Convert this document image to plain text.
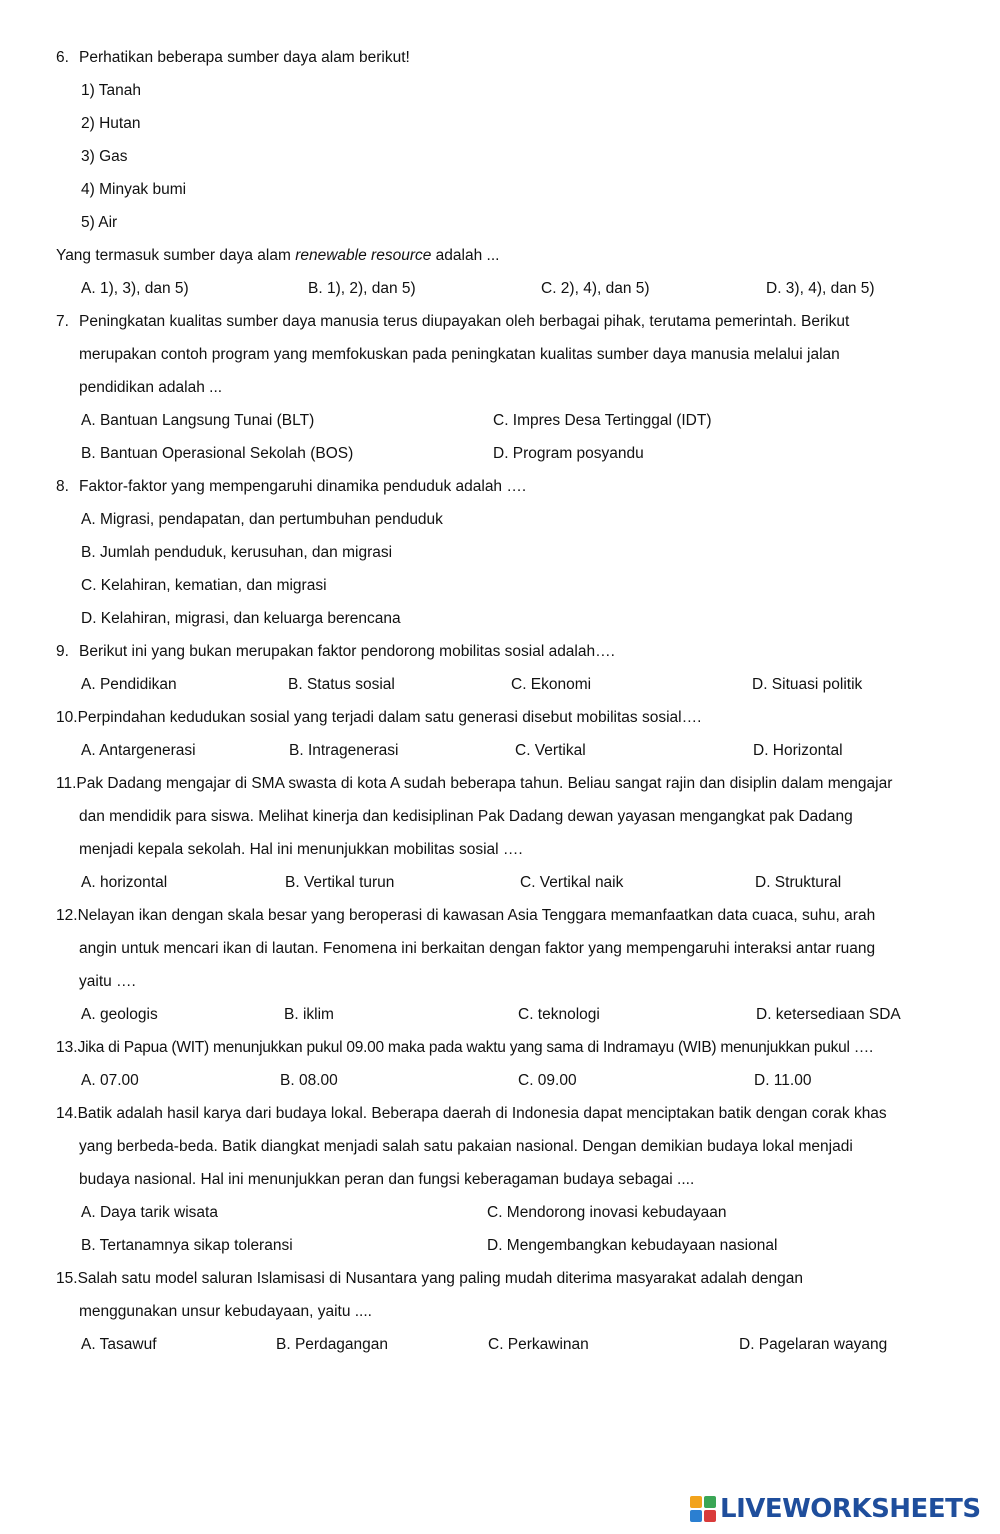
6. Perhatikan beberapa sumber daya alam berikut!
1) Tanah
2) Hutan
3) Gas
4) Minyak bumi
5) Air
Yang termasuk sumber daya alam renewable resource adalah ...
A. 1), 3), dan 5)	B. 1), 2), dan 5)	C. 2), 4), dan 5)	D. 3), 4), dan 5)
7. Peningkatan kualitas sumber daya manusia terus diupayakan oleh berbagai pihak, terutama pemerintah. Berikut
merupakan contoh program yang memfokuskan pada peningkatan kualitas sumber daya manusia melalui jalan
pendidikan adalah ...
A. Bantuan Langsung Tunai (BLT)	C. Impres Desa Tertinggal (IDT)
B. Bantuan Operasional Sekolah (BOS)	D. Program posyandu
8. Faktor-faktor yang mempengaruhi dinamika penduduk adalah ….
A. Migrasi, pendapatan, dan pertumbuhan penduduk
B. Jumlah penduduk, kerusuhan, dan migrasi
C. Kelahiran, kematian, dan migrasi
D. Kelahiran, migrasi, dan keluarga berencana
9. Berikut ini yang bukan merupakan faktor pendorong mobilitas sosial adalah….
A. Pendidikan	B. Status sosial	C. Ekonomi	D. Situasi politik
10.Perpindahan kedudukan sosial yang terjadi dalam satu generasi disebut mobilitas sosial….
A. Antargenerasi	B. Intragenerasi	C. Vertikal	D. Horizontal
11.Pak Dadang mengajar di SMA swasta di kota A sudah beberapa tahun. Beliau sangat rajin dan disiplin dalam mengajar
dan mendidik para siswa. Melihat kinerja dan kedisiplinan Pak Dadang dewan yayasan mengangkat pak Dadang
menjadi kepala sekolah. Hal ini menunjukkan mobilitas sosial ….
A. horizontal	B. Vertikal turun	C. Vertikal naik	D. Struktural
12.Nelayan ikan dengan skala besar yang beroperasi di kawasan Asia Tenggara memanfaatkan data cuaca, suhu, arah
angin untuk mencari ikan di lautan. Fenomena ini berkaitan dengan faktor yang mempengaruhi interaksi antar ruang
yaitu ….
A. geologis	B. iklim	C. teknologi	D. ketersediaan SDA
13.Jika di Papua (WIT) menunjukkan pukul 09.00 maka pada waktu yang sama di Indramayu (WIB) menunjukkan pukul ….
A. 07.00	B. 08.00	C. 09.00	D. 11.00
14.Batik adalah hasil karya dari budaya lokal. Beberapa daerah di Indonesia dapat menciptakan batik dengan corak khas
yang berbeda-beda. Batik diangkat menjadi salah satu pakaian nasional. Dengan demikian budaya lokal menjadi
budaya nasional. Hal ini menunjukkan peran dan fungsi keberagaman budaya sebagai ....
A. Daya tarik wisata	C. Mendorong inovasi kebudayaan
B. Tertanamnya sikap toleransi	D. Mengembangkan kebudayaan nasional
15.Salah satu model saluran Islamisasi di Nusantara yang paling mudah diterima masyarakat adalah dengan
menggunakan unsur kebudayaan, yaitu ....
A. Tasawuf	B. Perdagangan	C. Perkawinan	D. Pagelaran wayang
LIVEWORKSHEETS
